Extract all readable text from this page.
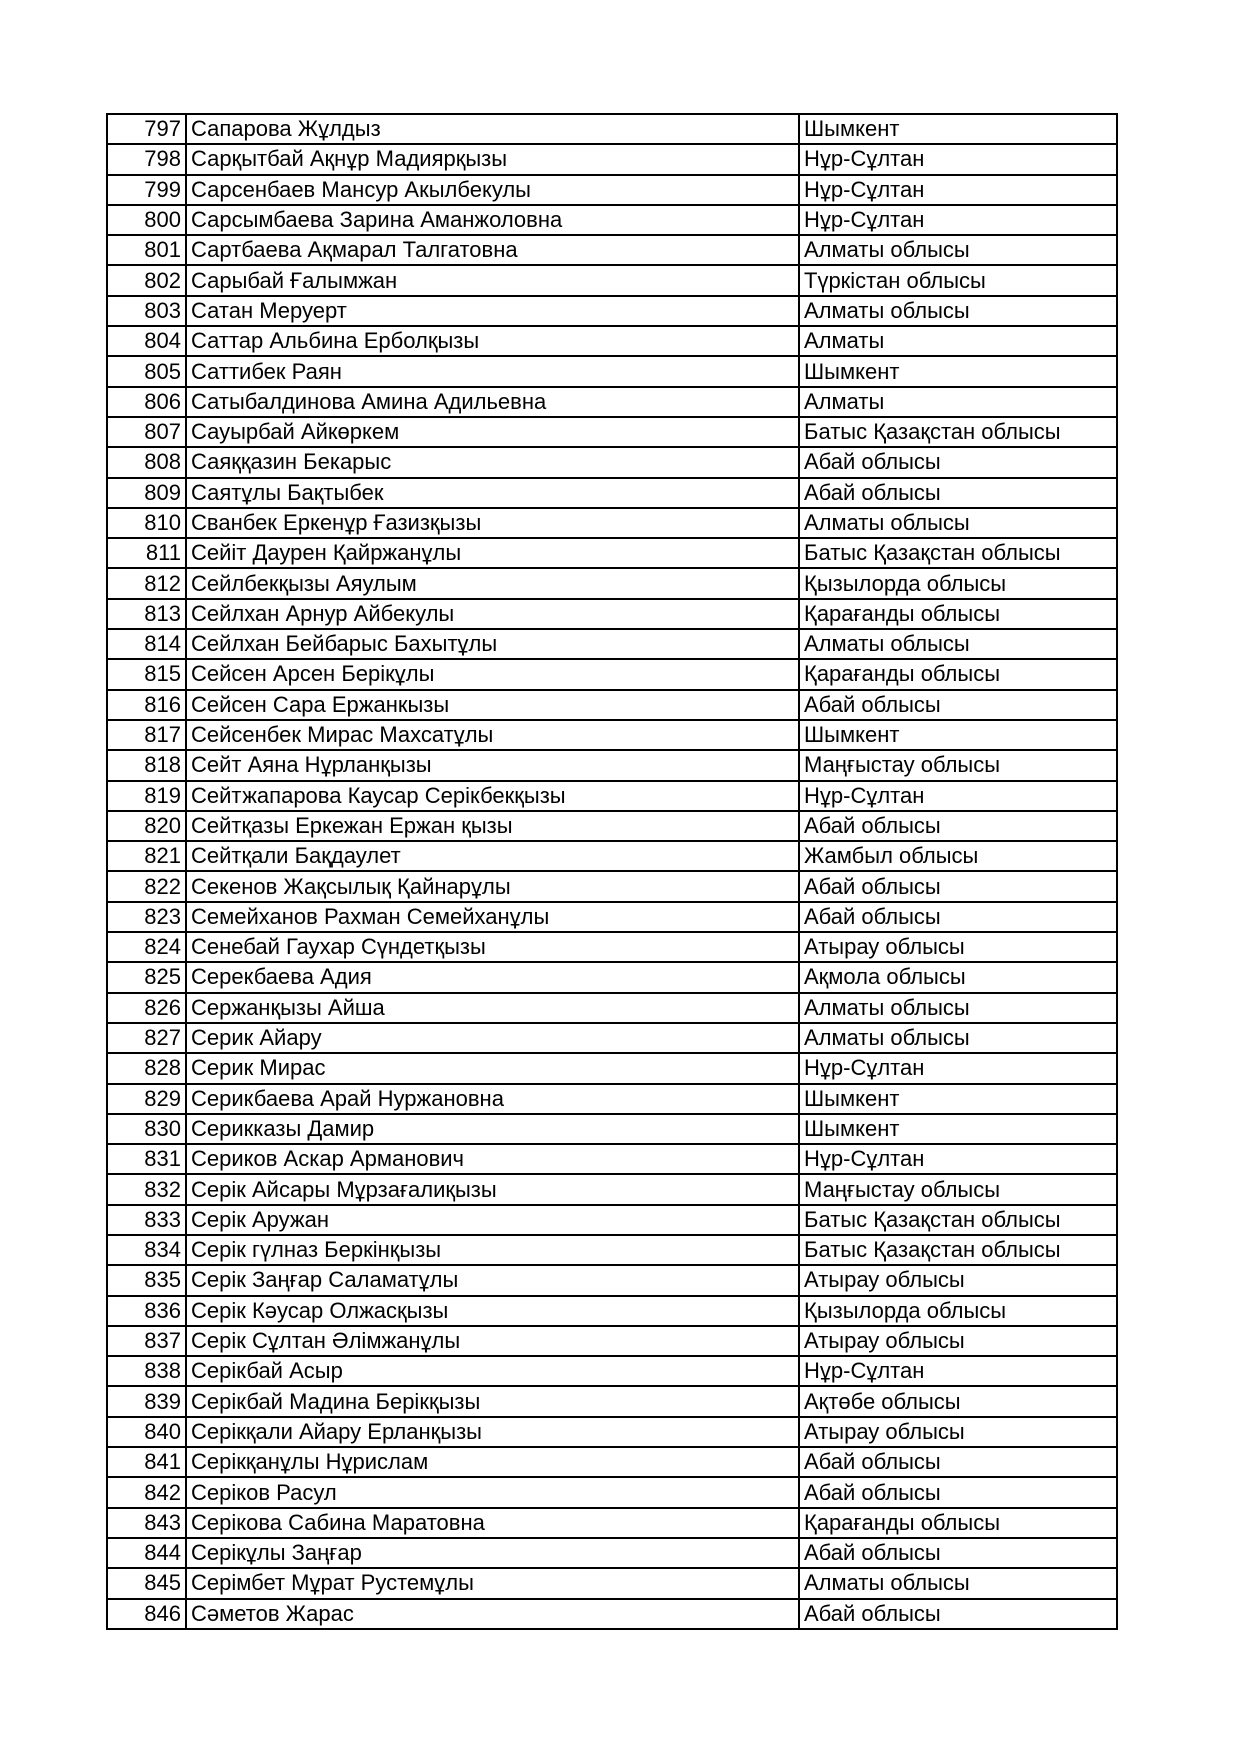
797	Сапарова Жұлдыз	Шымкент
798	Сарқытбай Ақнұр Мадиярқызы	Нұр-Сұлтан
799	Сарсенбаев Мансур Акылбекулы	Нұр-Сұлтан
800	Сарсымбаева Зарина Аманжоловна	Нұр-Сұлтан
801	Сартбаева Ақмарал Талгатовна	Алматы облысы
802	Сарыбай Ғалымжан	Түркістан облысы
803	Сатан Меруерт	Алматы облысы
804	Саттар Альбина Ерболқызы	Алматы
805	Саттибек Раян	Шымкент
806	Сатыбалдинова Амина Адильевна	Алматы
807	Сауырбай Айкөркем	Батыс Қазақстан облысы
808	Саяққазин Бекарыс	Абай облысы
809	Саятұлы Бақтыбек	Абай облысы
810	Сванбек Еркенұр Ғазизқызы	Алматы облысы
811	Сейіт Даурен Қайржанұлы	Батыс Қазақстан облысы
812	Сейлбекқызы Аяулым	Қызылорда облысы
813	Сейлхан Арнур Айбекулы	Қарағанды облысы
814	Сейлхан Бейбарыс Бахытұлы	Алматы облысы
815	Сейсен Арсен Берікұлы	Қарағанды облысы
816	Сейсен Сара Ержанкызы	Абай облысы
817	Сейсенбек Мирас Махсатұлы	Шымкент
818	Сейт Аяна Нұрланқызы	Маңғыстау облысы
819	Сейтжапарова Каусар Серікбекқызы	Нұр-Сұлтан
820	Сейтқазы Еркежан Ержан қызы	Абай облысы
821	Сейтқали Бақдаулет	Жамбыл облысы
822	Секенов Жақсылық Қайнарұлы	Абай облысы
823	Семейханов Рахман Семейханұлы	Абай облысы
824	Сенебай Гаухар Сүндетқызы	Атырау облысы
825	Серекбаева Адия	Ақмола облысы
826	Сержанқызы Айша	Алматы облысы
827	Серик Айару	Алматы облысы
828	Серик Мирас	Нұр-Сұлтан
829	Серикбаева Арай Нуржановна	Шымкент
830	Серикказы Дамир	Шымкент
831	Сериков Аскар Арманович	Нұр-Сұлтан
832	Серік Айсары Мұрзағалиқызы	Маңғыстау облысы
833	Серік Аружан	Батыс Қазақстан облысы
834	Серік гүлназ Беркінқызы	Батыс Қазақстан облысы
835	Серік Заңғар Саламатұлы	Атырау облысы
836	Серік Кәусар Олжасқызы	Қызылорда облысы
837	Серік Сұлтан Әлімжанұлы	Атырау облысы
838	Серікбай Асыр	Нұр-Сұлтан
839	Серікбай Мадина Берікқызы	Ақтөбе облысы
840	Серікқали Айару Ерланқызы	Атырау облысы
841	Серікқанұлы Нұрислам	Абай облысы
842	Серіков Расул	Абай облысы
843	Серікова Сабина Маратовна	Қарағанды облысы
844	Серікұлы Заңғар	Абай облысы
845	Серімбет Мұрат Рустемұлы	Алматы облысы
846	Сәметов Жарас	Абай облысы
